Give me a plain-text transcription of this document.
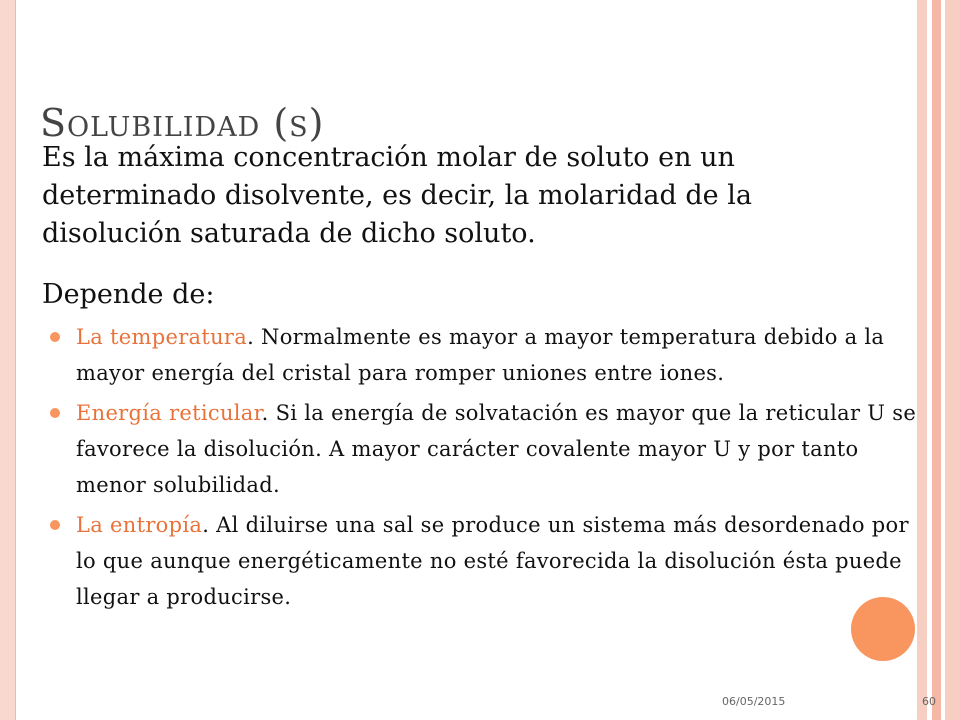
Solubilidad (s)
Es la máxima concentración molar de soluto en un determinado disolvente, es decir, la molaridad de la disolución saturada de dicho soluto.
Depende de:
La temperatura. Normalmente es mayor a mayor temperatura debido a la mayor energía del cristal para romper uniones entre iones.
Energía reticular. Si la energía de solvatación es mayor que la reticular U se favorece la disolución. A mayor carácter covalente mayor U y por tanto menor solubilidad.
La entropía. Al diluirse una sal se produce un sistema más desordenado por lo que aunque energéticamente no esté favorecida la disolución ésta puede llegar a producirse.
06/05/2015	60
